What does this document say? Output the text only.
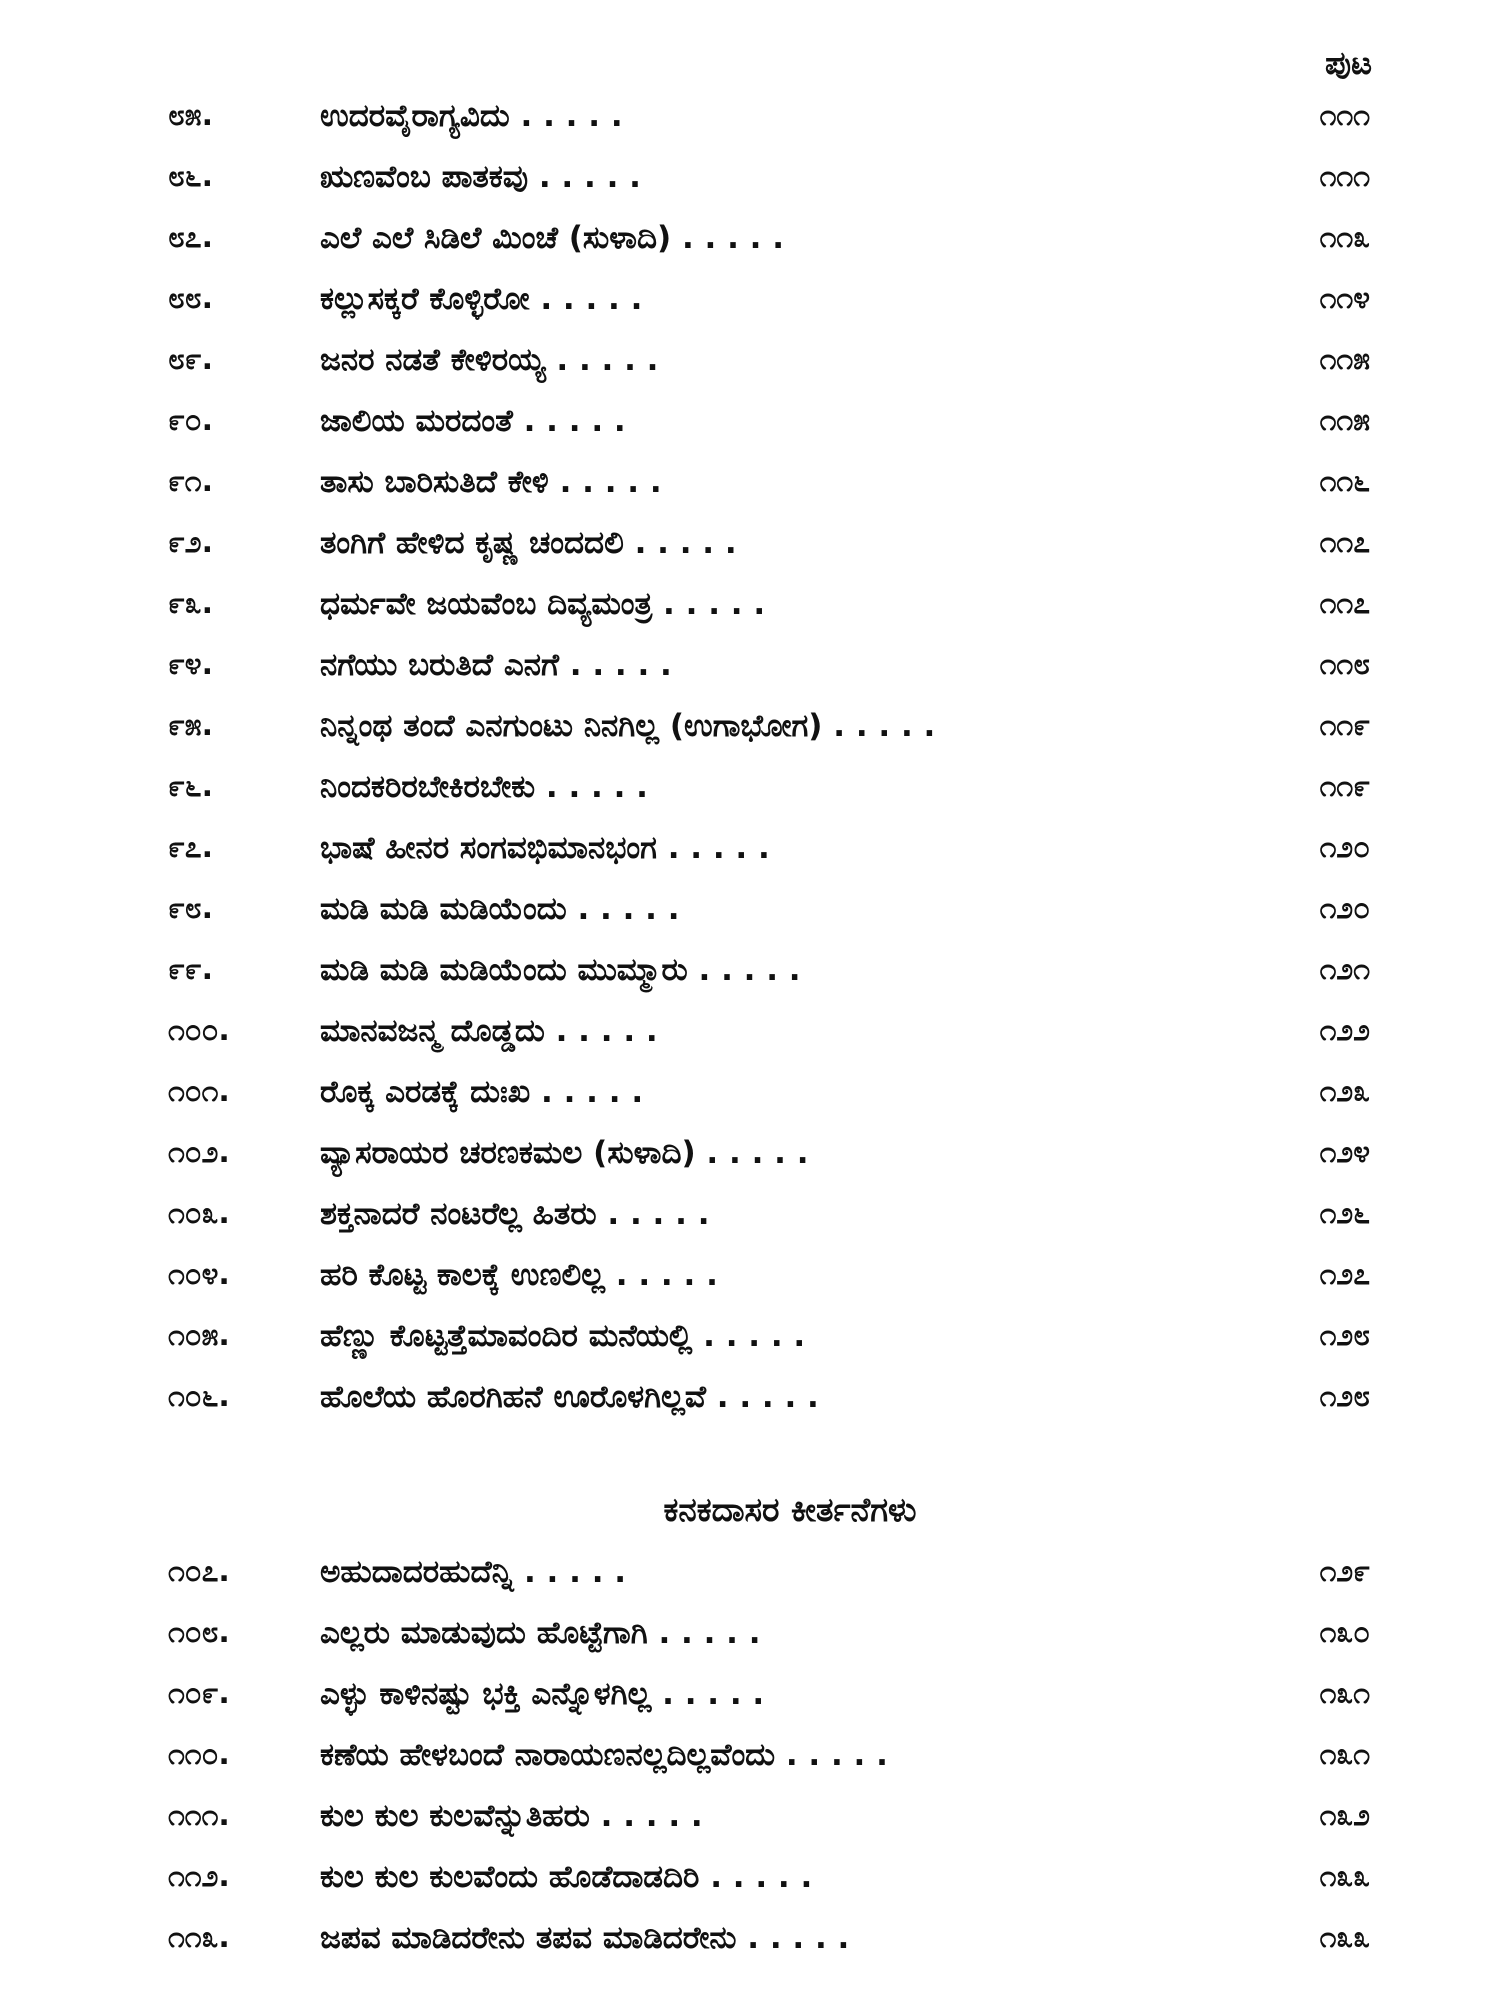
ಪುಟ
೮೫.	ಉದರವೈರಾಗ್ಯವಿದು . . . . .	೧೧೧
೮೬.	ಋಣವೆಂಬ ಪಾತಕವು . . . . .	೧೧೧
೮೭.	ಎಲೆ ಎಲೆ ಸಿಡಿಲೆ ಮಿಂಚೆ (ಸುಳಾದಿ) . . . . .	೧೧೩
೮೮.	ಕಲ್ಲುಸಕ್ಕರೆ ಕೊಳ್ಳಿರೋ . . . . .	೧೧೪
೮೯.	ಜನರ ನಡತೆ ಕೇಳಿರಯ್ಯ . . . . .	೧೧೫
೯೦.	ಜಾಲಿಯ ಮರದಂತೆ . . . . .	೧೧೫
೯೧.	ತಾಸು ಬಾರಿಸುತಿದೆ ಕೇಳಿ . . . . .	೧೧೬
೯೨.	ತಂಗಿಗೆ ಹೇಳಿದ ಕೃಷ್ಣ ಚಂದದಲಿ . . . . .	೧೧೭
೯೩.	ಧರ್ಮವೇ ಜಯವೆಂಬ ದಿವ್ಯಮಂತ್ರ . . . . .	೧೧೭
೯೪.	ನಗೆಯು ಬರುತಿದೆ ಎನಗೆ . . . . .	೧೧೮
೯೫.	ನಿನ್ನಂಥ ತಂದೆ ಎನಗುಂಟು ನಿನಗಿಲ್ಲ (ಉಗಾಭೋಗ) . . . . .	೧೧೯
೯೬.	ನಿಂದಕರಿರಬೇಕಿರಬೇಕು . . . . .	೧೧೯
೯೭.	ಭಾಷೆ ಹೀನರ ಸಂಗವಭಿಮಾನಭಂಗ . . . . .	೧೨೦
೯೮.	ಮಡಿ ಮಡಿ ಮಡಿಯೆಂದು . . . . .	೧೨೦
೯೯.	ಮಡಿ ಮಡಿ ಮಡಿಯೆಂದು ಮುಮ್ಮಾರು . . . . .	೧೨೧
೧೦೦.	ಮಾನವಜನ್ಮ ದೊಡ್ಡದು . . . . .	೧೨೨
೧೦೧.	ರೊಕ್ಕ ಎರಡಕ್ಕೆ ದುಃಖ . . . . .	೧೨೩
೧೦೨.	ವ್ಯಾಸರಾಯರ ಚರಣಕಮಲ (ಸುಳಾದಿ) . . . . .	೧೨೪
೧೦೩.	ಶಕ್ತನಾದರೆ ನಂಟರೆಲ್ಲ ಹಿತರು . . . . .	೧೨೬
೧೦೪.	ಹರಿ ಕೊಟ್ಟ ಕಾಲಕ್ಕೆ ಉಣಲಿಲ್ಲ . . . . .	೧೨೭
೧೦೫.	ಹೆಣ್ಣು ಕೊಟ್ಟತ್ತೆಮಾವಂದಿರ ಮನೆಯಲ್ಲಿ . . . . .	೧೨೮
೧೦೬.	ಹೊಲೆಯ ಹೊರಗಿಹನೆ ಊರೊಳಗಿಲ್ಲವೆ . . . . .	೧೨೮
ಕನಕದಾಸರ ಕೀರ್ತನೆಗಳು
೧೦೭.	ಅಹುದಾದರಹುದೆನ್ನಿ . . . . .	೧೨೯
೧೦೮.	ಎಲ್ಲರು ಮಾಡುವುದು ಹೊಟ್ಟೆಗಾಗಿ . . . . .	೧೩೦
೧೦೯.	ಎಳ್ಳು ಕಾಳಿನಷ್ಟು ಭಕ್ತಿ ಎನ್ನೊಳಗಿಲ್ಲ . . . . .	೧೩೧
೧೧೦.	ಕಣೆಯ ಹೇಳಬಂದೆ ನಾರಾಯಣನಲ್ಲದಿಲ್ಲವೆಂದು . . . . .	೧೩೧
೧೧೧.	ಕುಲ ಕುಲ ಕುಲವೆನ್ನುತಿಹರು . . . . .	೧೩೨
೧೧೨.	ಕುಲ ಕುಲ ಕುಲವೆಂದು ಹೊಡೆದಾಡದಿರಿ . . . . .	೧೩೩
೧೧೩.	ಜಪವ ಮಾಡಿದರೇನು ತಪವ ಮಾಡಿದರೇನು . . . . .	೧೩೩
